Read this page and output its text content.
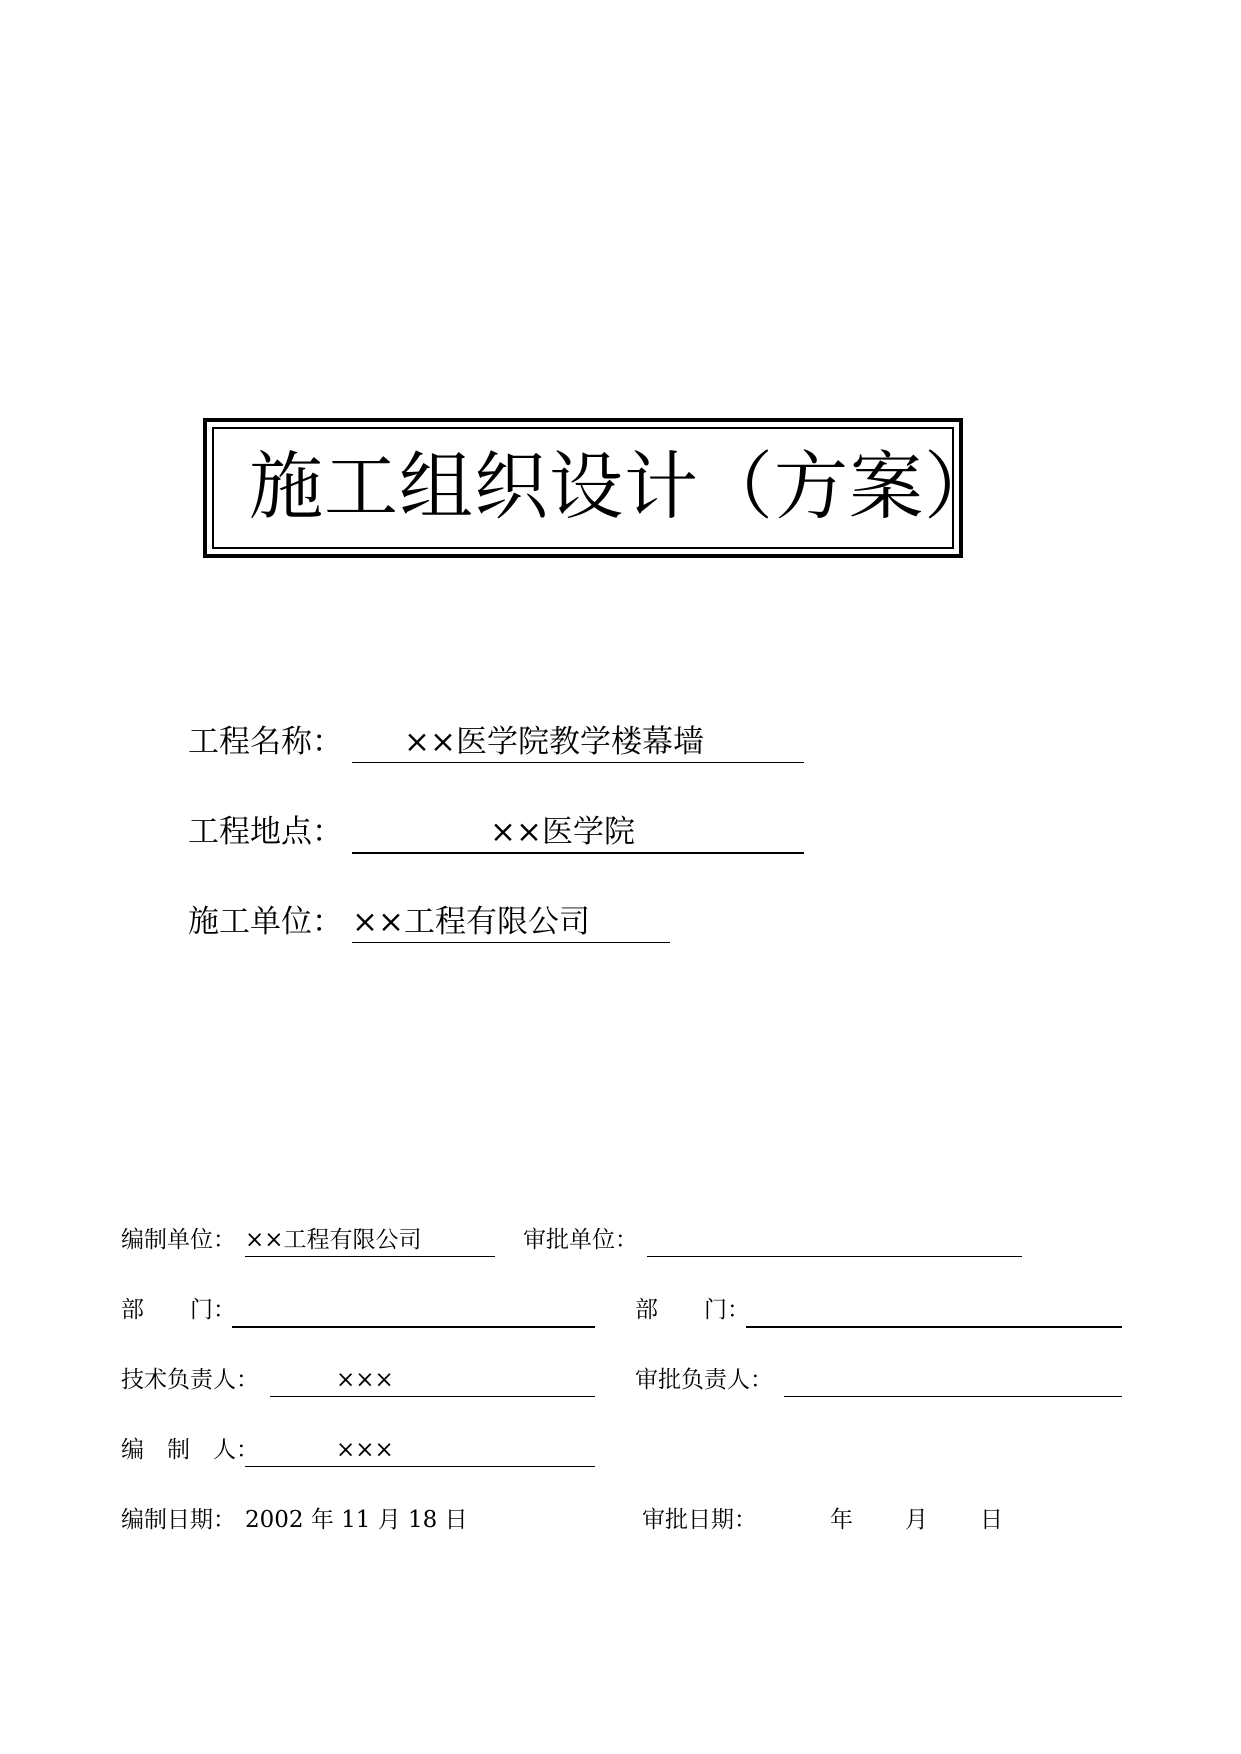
施工组织设计（方案）
工程名称： ××医学院教学楼幕墙
工程地点：	××医学院
施工单位： ××工程有限公司
编制单位： ××工程有限公司	审批单位：
部　　门：	部　　门：
技术负责人：	×××	审批负责人：
编　制　人：	×××
编制日期： 2002 年 11 月 18 日	审批日期：	年 月 日
